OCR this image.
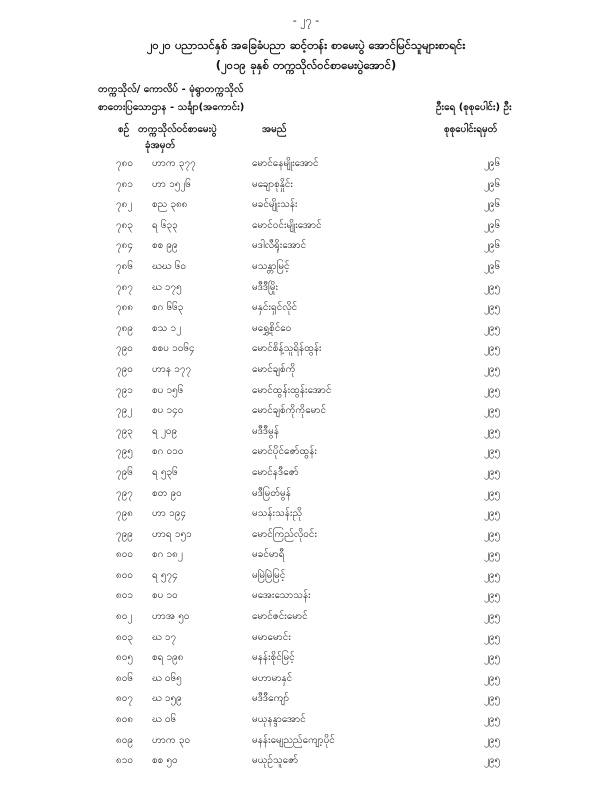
- ၂၇ -
၂၀၂၀ ပညာသင်နှစ် အခြေခံပညာ ဆင့်တန်း စာမေးပွဲ အောင်မြင်သူများစာရင်း
(၂၀၁၉ ခုနှစ် တက္ကသိုလ်ဝင်စာမေးပွဲအောင်)
တက္ကသိုလ်/ ကောလိပ် - မုံရွာတက္ကသိုလ်
စာတေးပြသောဌာန - သင်္ချာ(အကောင်း)	ဦးရေ (စုစုပေါင်း) ဦး
စဉ် တက္ကသိုလ်ဝင်စာမေးပွဲ
ခုံအမှတ်
အမည်	စုစုပေါင်းရမှတ်
၇၈၀ ဟာက ၃၇၇	မောင်နေမျိုးအောင်	၂၉၆
၇၈၁ ဟာ ၁၅၂၆	မချောစုနှိုင်း	၂၉၆
၇၈၂ စည ၃၈၈	မခင်မျိုးသန်း	၂၉၆
၇၈၃ ရ ၆၃၃	မောင်ဝင်းမျိုးအောင်	၂၉၆
၇၈၄ စစ ၉၉	မဒါလီရိုးအောင်	၂၉၆
၇၈၆ ဃဃ ၆၀	မသန္တာမြင့်	၂၉၆
၇၈၇ ဃ ၁၇၅	မဒီဒီမြိုး	၂၉၅
၇၈၈ စဂ ၆၆၃	မနှင်းရှင်လိုင်	၂၉၅
၇၈၉ စသ ၁၂	မရွှေ့စိုင်ဝေ	၂၉၅
၇၉၀ စစပ ၁၀၆၄	မောင်စိန့်သူရိန်ထွန်း	၂၉၅
၇၉၀ ဟာန ၁၇၇	မောင်ချစ်ကို	၂၉၅
၇၉၁ စပ ၁၅၆	မောင်ထွန်းထွန်းအောင်	၂၉၅
၇၉၂ စပ ၁၄၀	မောင်ချစ်ကိုကိုမောင်	၂၉၅
၇၉၃ ရ ၂၀၉	မဒီဒီမွန်	၂၉၅
၇၉၅ စဂ ၀၁၀	မောင်ပိုင်ဇော်ထွန်း	၂၉၅
၇၉၆ ရ ၅၃၆	မောင်နဒီဇော်	၂၉၅
၇၉၇ စတ ၉၀	မဒီမြတ်မွန်	၂၉၅
၇၉၈ ဟာ ၁၉၄	မသန်းသန်းညို	၂၉၅
၇၉၉ ဟာရ ၁၅၁	မောင်ကြည်လိုဝင်း	၂၉၅
၈၀၀ စဂ ၁၈၂	မခင်မာရီ	၂၉၅
၈၀၀ ရ ၅၇၄	မမြဲမြဲမြင့်	၂၉၅
၈၀၁ စပ ၁၀	မအေးသောသန်း	၂၉၅
၈၀၂ ဟာအ ၅၀	မောင်ဇင်းမောင်	၂၉၅
၈၀၃ ဃ ၁၇	မမာမောင်း	၂၉၅
၈၀၅ စရ ၁၉၈	မနန်းစိုင်မြင့်	၂၉၅
၈၀၆ ဃ ၀၆၅	မဟာမာနှင်	၂၉၅
၈၀၇ ဃ ၁၅၉	မဒီဒီကျော်	၂၉၅
၈၀၈ ဃ ၀၆	မယုနန္ဒာအောင်	၂၉၅
၈၀၉ ဟာက ၃၀	မနန်းမျေညည်ကျော့ပိုင်	၂၉၅
၈၁၀ စစ ၅၀	မယုဉ်သူဇော်	၂၉၅
